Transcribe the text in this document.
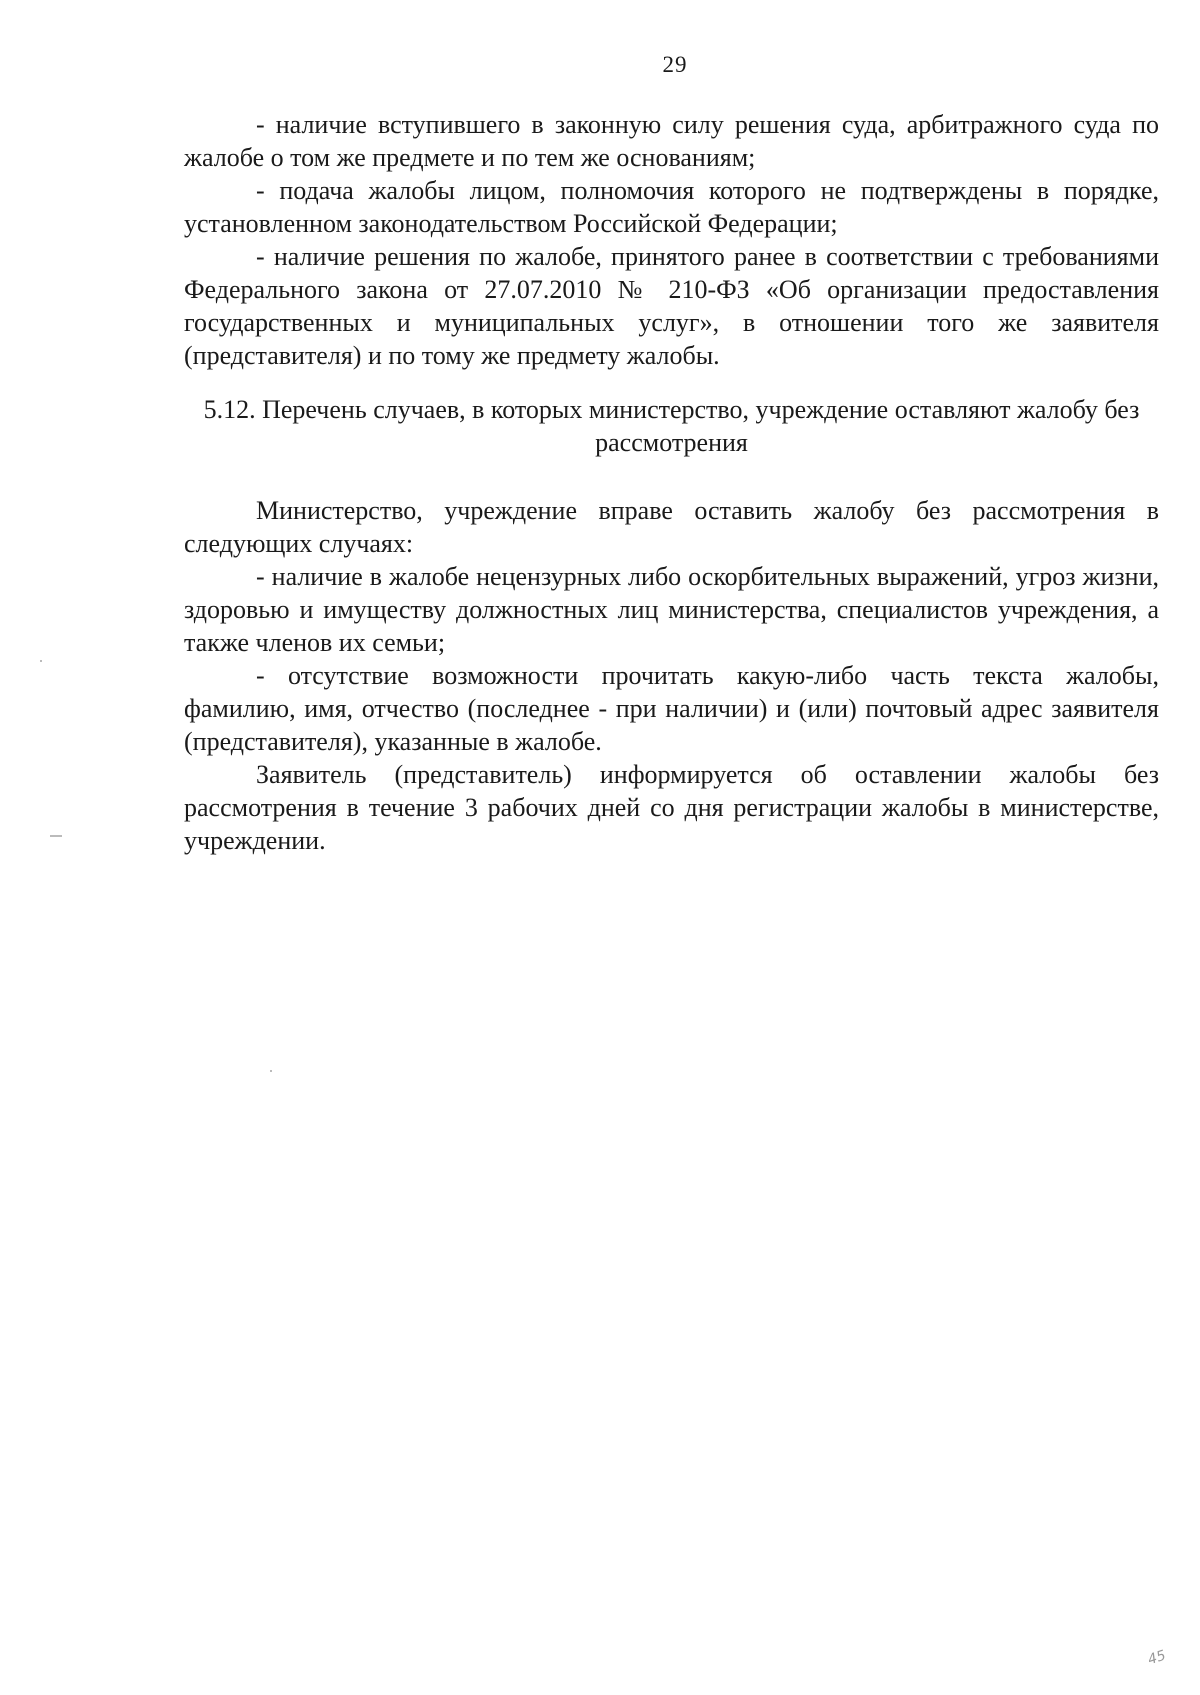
29

- наличие вступившего в законную силу решения суда, арбитражного суда по жалобе о том же предмете и по тем же основаниям;

- подача жалобы лицом, полномочия которого не подтверждены в порядке, установленном законодательством Российской Федерации;

- наличие решения по жалобе, принятого ранее в соответствии с требованиями Федерального закона от 27.07.2010 № 210-ФЗ «Об организации предоставления государственных и муниципальных услуг», в отношении того же заявителя (представителя) и по тому же предмету жалобы.

5.12. Перечень случаев, в которых министерство, учреждение оставляют жалобу без рассмотрения

Министерство, учреждение вправе оставить жалобу без рассмотрения в следующих случаях:

- наличие в жалобе нецензурных либо оскорбительных выражений, угроз жизни, здоровью и имуществу должностных лиц министерства, специалистов учреждения, а также членов их семьи;

- отсутствие возможности прочитать какую-либо часть текста жалобы, фамилию, имя, отчество (последнее - при наличии) и (или) почтовый адрес заявителя (представителя), указанные в жалобе.

Заявитель (представитель) информируется об оставлении жалобы без рассмотрения в течение 3 рабочих дней со дня регистрации жалобы в министерстве, учреждении.

45
